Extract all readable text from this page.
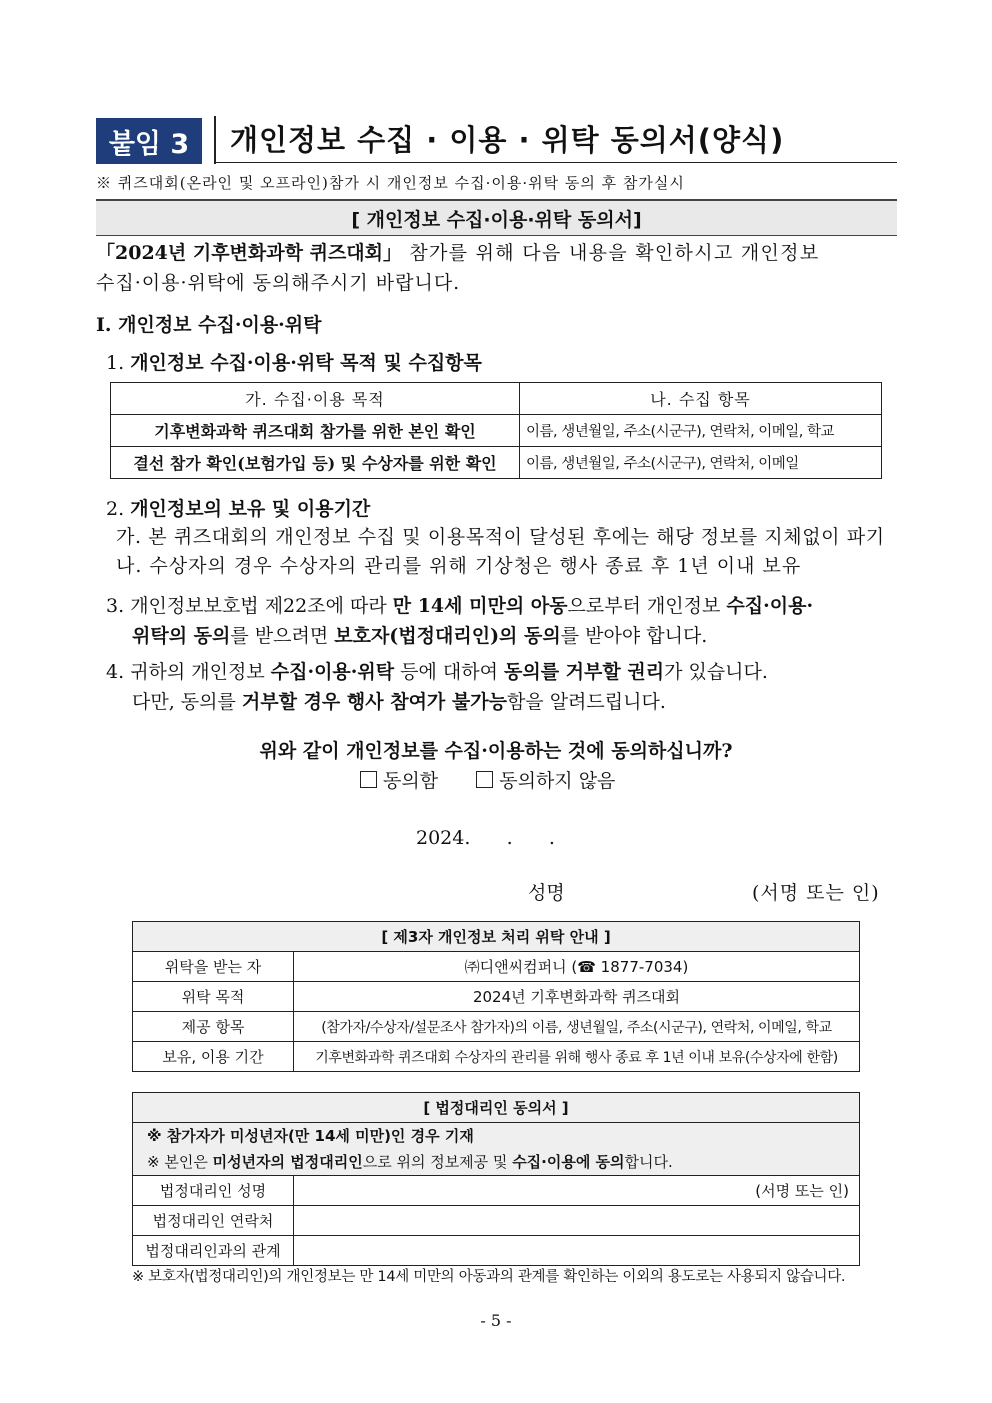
붙임 3	개인정보 수집 · 이용 · 위탁 동의서(양식)
※ 퀴즈대회(온라인 및 오프라인)참가 시 개인정보 수집·이용·위탁 동의 후 참가실시
[ 개인정보 수집·이용·위탁 동의서]
「2024년 기후변화과학 퀴즈대회」 참가를 위해 다음 내용을 확인하시고 개인정보
수집·이용·위탁에 동의해주시기 바랍니다.
Ⅰ. 개인정보 수집·이용·위탁
1. 개인정보 수집·이용·위탁 목적 및 수집항목
가. 수집·이용 목적	나. 수집 항목
기후변화과학 퀴즈대회 참가를 위한 본인 확인	이름, 생년월일, 주소(시군구), 연락처, 이메일, 학교
결선 참가 확인(보험가입 등) 및 수상자를 위한 확인	이름, 생년월일, 주소(시군구), 연락처, 이메일
2. 개인정보의 보유 및 이용기간
가. 본 퀴즈대회의 개인정보 수집 및 이용목적이 달성된 후에는 해당 정보를 지체없이 파기
나. 수상자의 경우 수상자의 관리를 위해 기상청은 행사 종료 후 1년 이내 보유
3. 개인정보보호법 제22조에 따라 만 14세 미만의 아동으로부터 개인정보 수집·이용·
위탁의 동의를 받으려면 보호자(법정대리인)의 동의를 받아야 합니다.
4. 귀하의 개인정보 수집·이용·위탁 등에 대하여 동의를 거부할 권리가 있습니다.
다만, 동의를 거부할 경우 행사 참여가 불가능함을 알려드립니다.
위와 같이 개인정보를 수집·이용하는 것에 동의하십니까?
동의함	동의하지 않음
2024.      .      .
성명	(서명 또는 인)
[ 제3자 개인정보 처리 위탁 안내 ]	
위탁을 받는 자	㈜디앤씨컴퍼니 (☎ 1877-7034)
위탁 목적	2024년 기후변화과학 퀴즈대회
제공 항목	(참가자/수상자/설문조사 참가자)의 이름, 생년월일, 주소(시군구), 연락처, 이메일, 학교
보유, 이용 기간	기후변화과학 퀴즈대회 수상자의 관리를 위해 행사 종료 후 1년 이내 보유(수상자에 한함)
[ 법정대리인 동의서 ]	

※ 참가자가 미성년자(만 14세 미만)인 경우 기재
※ 본인은 미성년자의 법정대리인으로 위의 정보제공 및 수집·이용에 동의합니다.	

법정대리인 성명	(서명 또는 인)
법정대리인 연락처	
법정대리인과의 관계	
※ 보호자(법정대리인)의 개인정보는 만 14세 미만의 아동과의 관계를 확인하는 이외의 용도로는 사용되지 않습니다.
- 5 -
